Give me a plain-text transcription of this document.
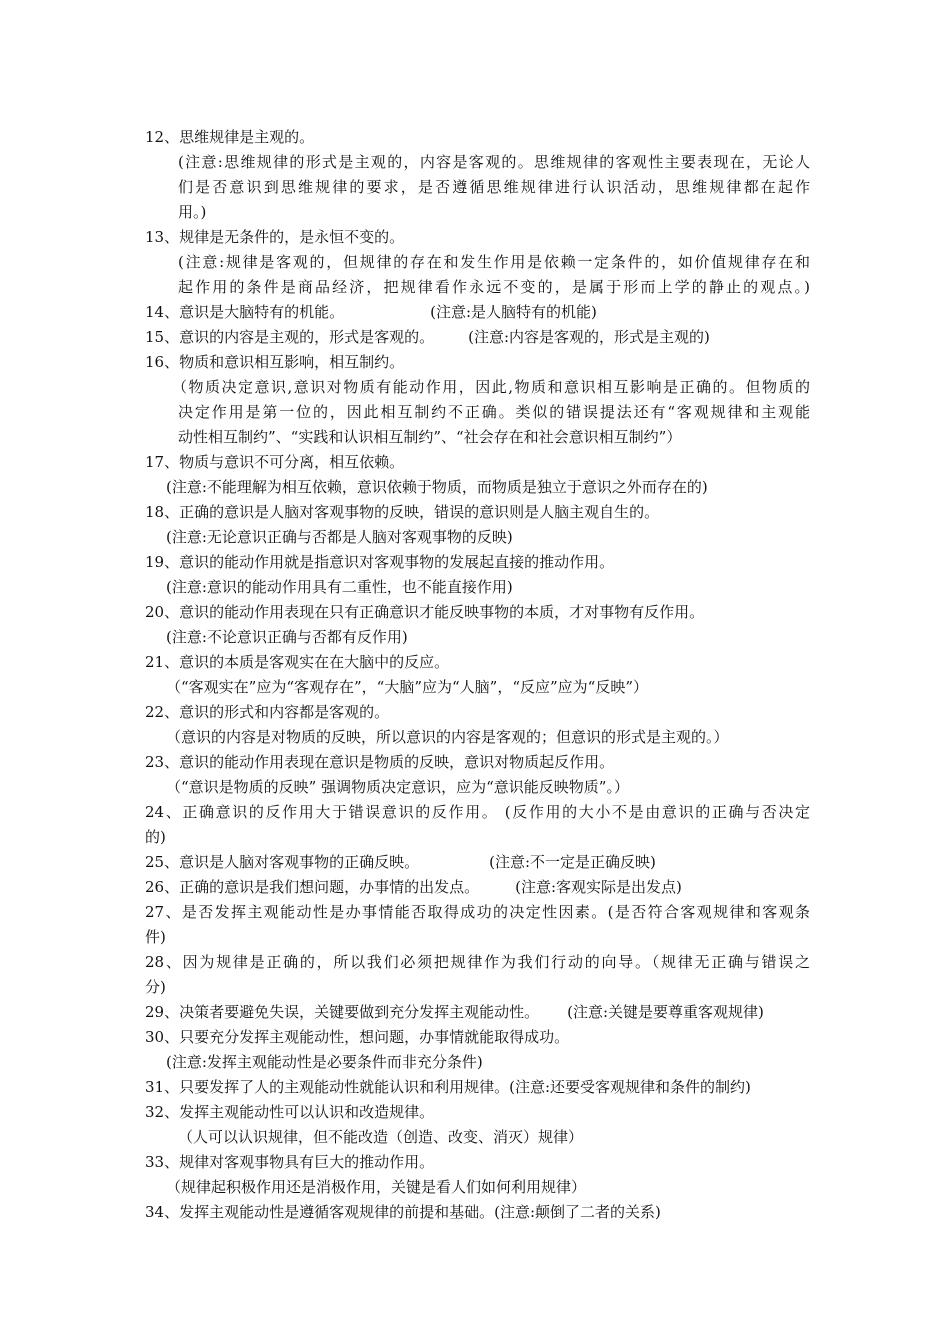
12、思维规律是主观的。
(注意:思维规律的形式是主观的，内容是客观的。思维规律的客观性主要表现在，无论人
们是否意识到思维规律的要求，是否遵循思维规律进行认识活动，思维规律都在起作
用。)
13、规律是无条件的，是永恒不变的。
(注意:规律是客观的，但规律的存在和发生作用是依赖一定条件的，如价值规律存在和
起作用的条件是商品经济，把规律看作永远不变的，是属于形而上学的静止的观点。)
14、意识是大脑特有的机能。	(注意:是人脑特有的机能)
15、意识的内容是主观的，形式是客观的。 (注意:内容是客观的，形式是主观的)
16、物质和意识相互影响，相互制约。
（物质决定意识,意识对物质有能动作用，因此,物质和意识相互影响是正确的。但物质的
决定作用是第一位的，因此相互制约不正确。类似的错误提法还有“客观规律和主观能
动性相互制约”、“实践和认识相互制约”、“社会存在和社会意识相互制约”）
17、物质与意识不可分离，相互依赖。
(注意:不能理解为相互依赖，意识依赖于物质，而物质是独立于意识之外而存在的)
18、正确的意识是人脑对客观事物的反映，错误的意识则是人脑主观自生的。
(注意:无论意识正确与否都是人脑对客观事物的反映)
19、意识的能动作用就是指意识对客观事物的发展起直接的推动作用。
(注意:意识的能动作用具有二重性，也不能直接作用)
20、意识的能动作用表现在只有正确意识才能反映事物的本质，才对事物有反作用。
(注意:不论意识正确与否都有反作用)
21、意识的本质是客观实在在大脑中的反应。
（“客观实在”应为“客观存在”，“大脑”应为“人脑”，“反应”应为“反映”）
22、意识的形式和内容都是客观的。
（意识的内容是对物质的反映，所以意识的内容是客观的；但意识的形式是主观的。）
23、意识的能动作用表现在意识是物质的反映，意识对物质起反作用。
（“意识是物质的反映” 强调物质决定意识，应为“意识能反映物质”。）
24、正确意识的反作用大于错误意识的反作用。 (反作用的大小不是由意识的正确与否决定
的)
25、意识是人脑对客观事物的正确反映。	(注意:不一定是正确反映)
26、正确的意识是我们想问题，办事情的出发点。 (注意:客观实际是出发点)
27、是否发挥主观能动性是办事情能否取得成功的决定性因素。(是否符合客观规律和客观条
件)
28、因为规律是正确的，所以我们必须把规律作为我们行动的向导。（规律无正确与错误之
分)
29、决策者要避免失误，关键要做到充分发挥主观能动性。 (注意:关键是要尊重客观规律)
30、只要充分发挥主观能动性，想问题，办事情就能取得成功。
(注意:发挥主观能动性是必要条件而非充分条件)
31、只要发挥了人的主观能动性就能认识和利用规律。(注意:还要受客观规律和条件的制约)
32、发挥主观能动性可以认识和改造规律。
（人可以认识规律，但不能改造（创造、改变、消灭）规律）
33、规律对客观事物具有巨大的推动作用。
（规律起积极作用还是消极作用，关键是看人们如何利用规律）
34、发挥主观能动性是遵循客观规律的前提和基础。(注意:颠倒了二者的关系)
